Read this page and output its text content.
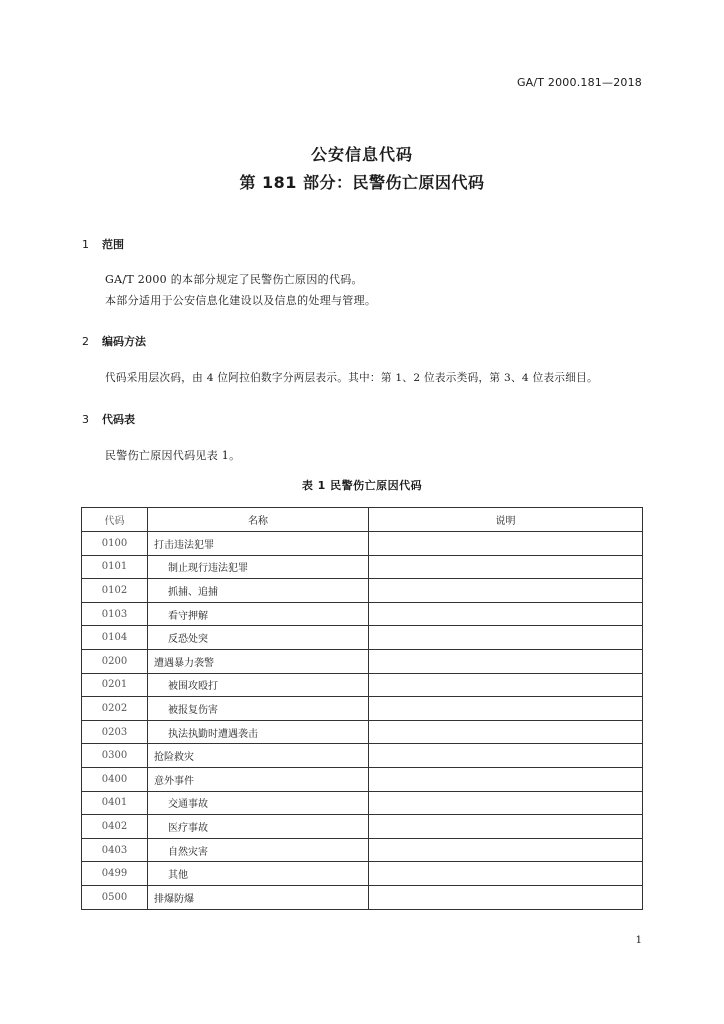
GA/T 2000.181—2018
公安信息代码
第 181 部分：民警伤亡原因代码
1 范围
GA/T 2000 的本部分规定了民警伤亡原因的代码。
本部分适用于公安信息化建设以及信息的处理与管理。
2 编码方法
代码采用层次码，由 4 位阿拉伯数字分两层表示。其中：第 1、2 位表示类码，第 3、4 位表示细目。
3 代码表
民警伤亡原因代码见表 1。
表 1 民警伤亡原因代码
代码	名称	说明
0100	打击违法犯罪	
0101	制止现行违法犯罪	
0102	抓捕、追捕	
0103	看守押解	
0104	反恐处突	
0200	遭遇暴力袭警	
0201	被围攻殴打	
0202	被报复伤害	
0203	执法执勤时遭遇袭击	
0300	抢险救灾	
0400	意外事件	
0401	交通事故	
0402	医疗事故	
0403	自然灾害	
0499	其他	
0500	排爆防爆	
1
